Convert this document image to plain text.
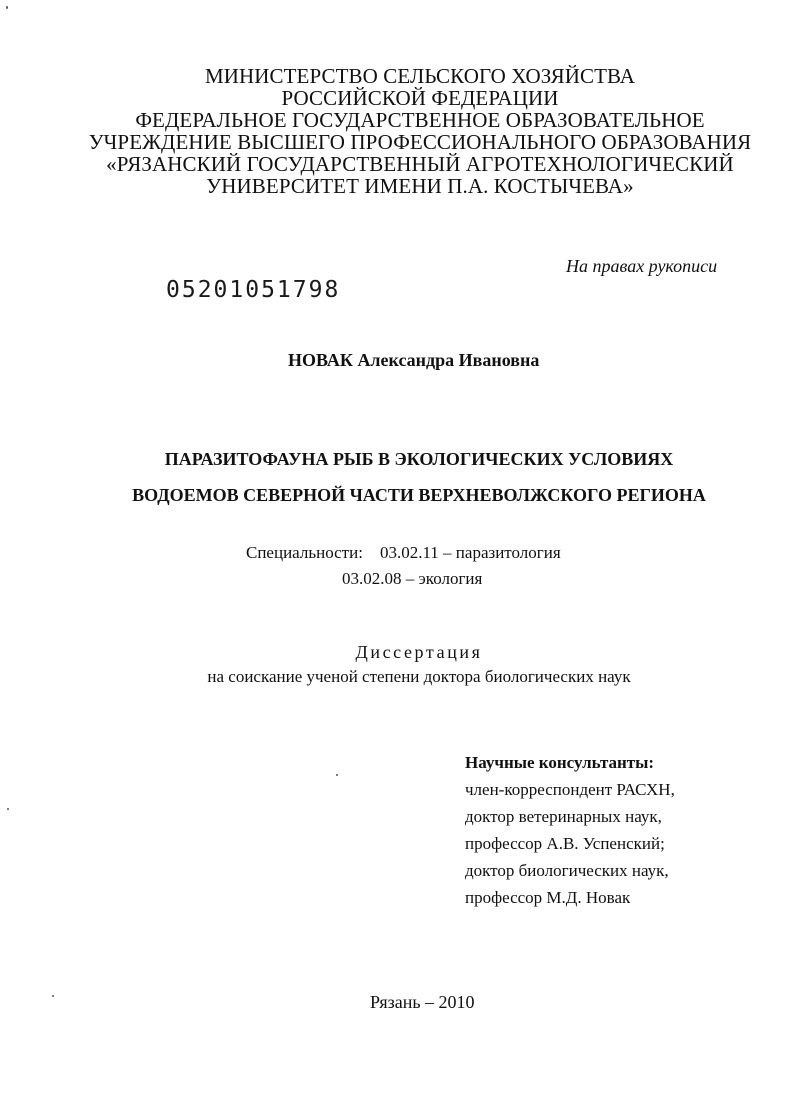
МИНИСТЕРСТВО СЕЛЬСКОГО ХОЗЯЙСТВА
РОССИЙСКОЙ ФЕДЕРАЦИИ
ФЕДЕРАЛЬНОЕ ГОСУДАРСТВЕННОЕ ОБРАЗОВАТЕЛЬНОЕ
УЧРЕЖДЕНИЕ ВЫСШЕГО ПРОФЕССИОНАЛЬНОГО ОБРАЗОВАНИЯ
«РЯЗАНСКИЙ ГОСУДАРСТВЕННЫЙ АГРОТЕХНОЛОГИЧЕСКИЙ
УНИВЕРСИТЕТ ИМЕНИ П.А. КОСТЫЧЕВА»
На правах рукописи
05201051798
НОВАК Александра Ивановна
ПАРАЗИТОФАУНА РЫБ В ЭКОЛОГИЧЕСКИХ УСЛОВИЯХ
ВОДОЕМОВ СЕВЕРНОЙ ЧАСТИ ВЕРХНЕВОЛЖСКОГО РЕГИОНА
Специальности: 03.02.11 – паразитология
03.02.08 – экология
Диссертация
на соискание ученой степени доктора биологических наук
Научные консультанты:
член-корреспондент РАСХН,
доктор ветеринарных наук,
профессор А.В. Успенский;
доктор биологических наук,
профессор М.Д. Новак
Рязань – 2010
